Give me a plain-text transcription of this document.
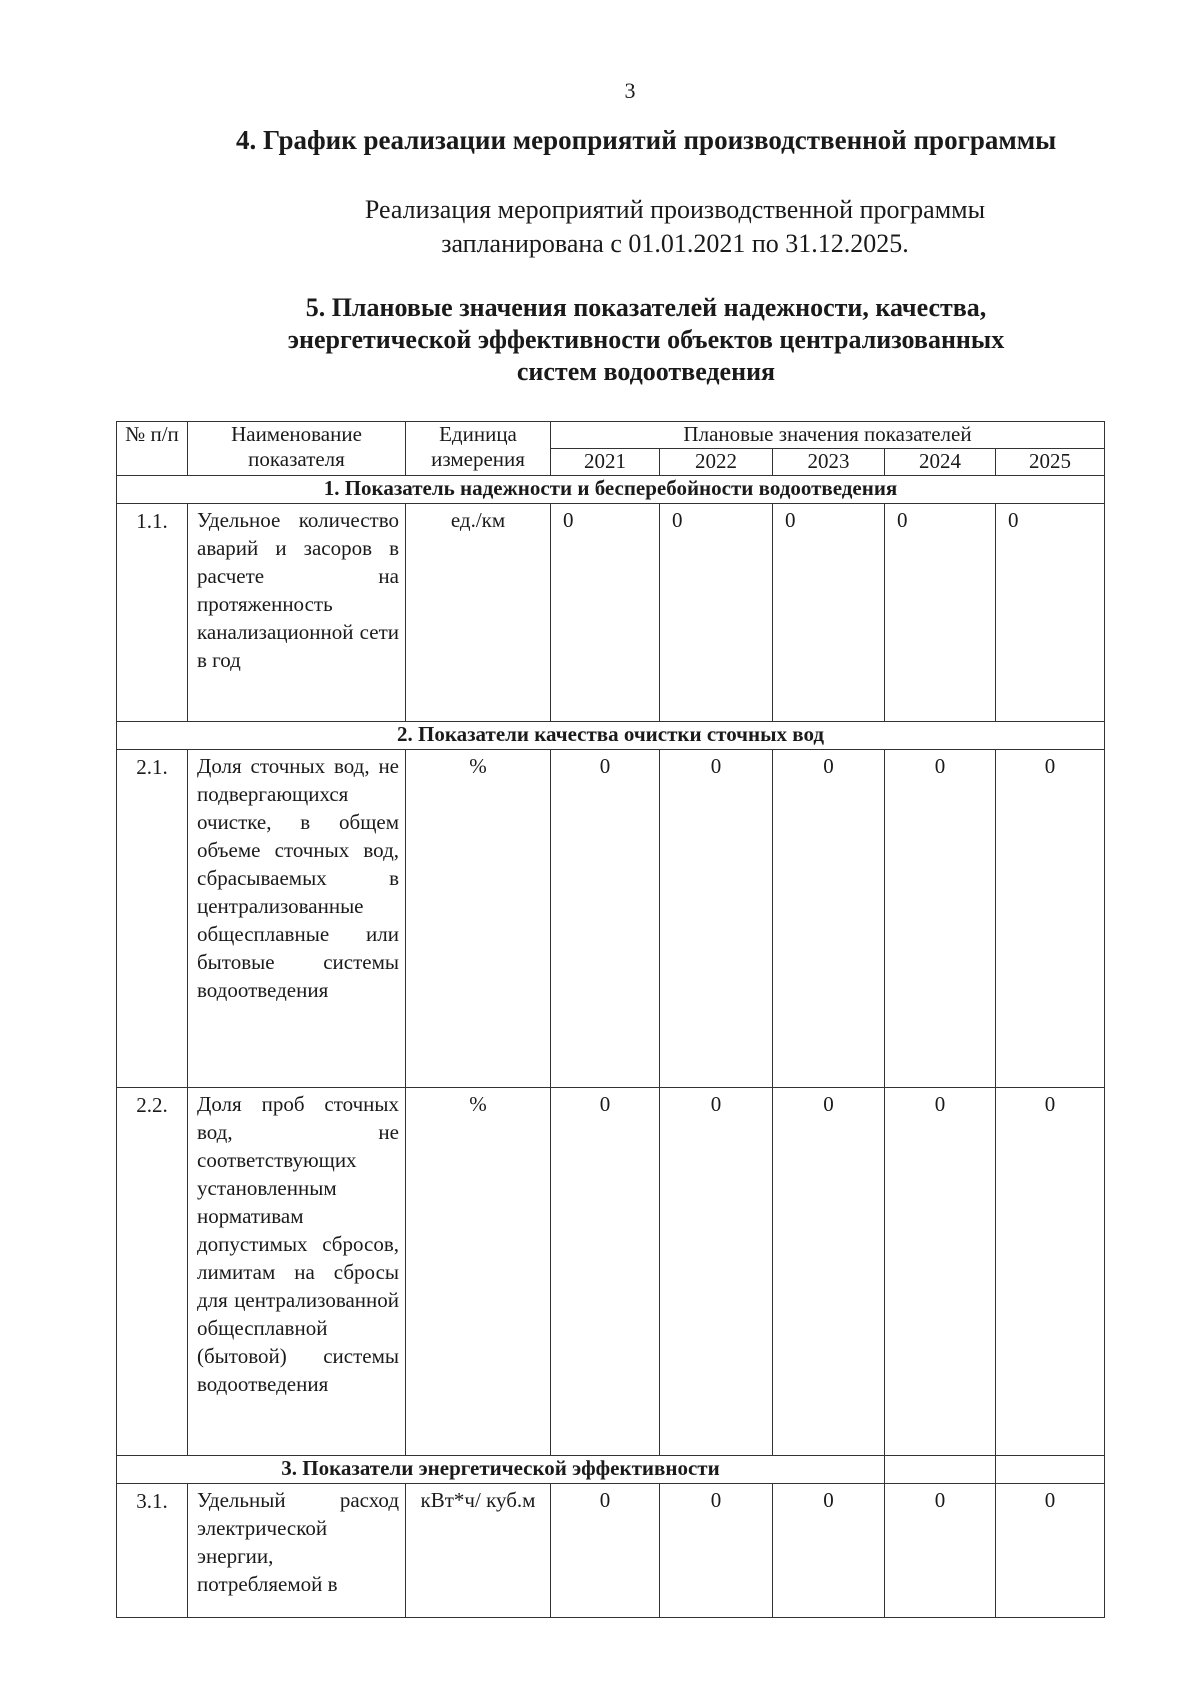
3
4. График реализации мероприятий производственной программы
Реализация мероприятий производственной программы
запланирована с 01.01.2021 по 31.12.2025.
5. Плановые значения показателей надежности, качества,
энергетической эффективности объектов централизованных
систем водоотведения
№ п/п	Наименование показателя	Единица измерения	Плановые значения показателей				
			2021	2022	2023	2024	2025
1. Показатель надежности и бесперебойности водоотведения							
1.1.	Удельное количество аварий и засоров в расчете на протяженность канализационной сети в год	ед./км	0	0	0	0	0
2. Показатели качества очистки сточных вод							
2.1.	Доля сточных вод, не подвергающихся очистке, в общем объеме сточных вод, сбрасываемых в централизованные общесплавные или бытовые системы водоотведения	%	0	0	0	0	0
2.2.	Доля проб сточных вод, не соответствующих установленным нормативам допустимых сбросов, лимитам на сбросы для централизованной общесплавной (бытовой) системы водоотведения	%	0	0	0	0	0
3. Показатели энергетической эффективности							
3.1.	Удельный расход электрической энергии, потребляемой в	кВт*ч/ куб.м	0	0	0	0	0
